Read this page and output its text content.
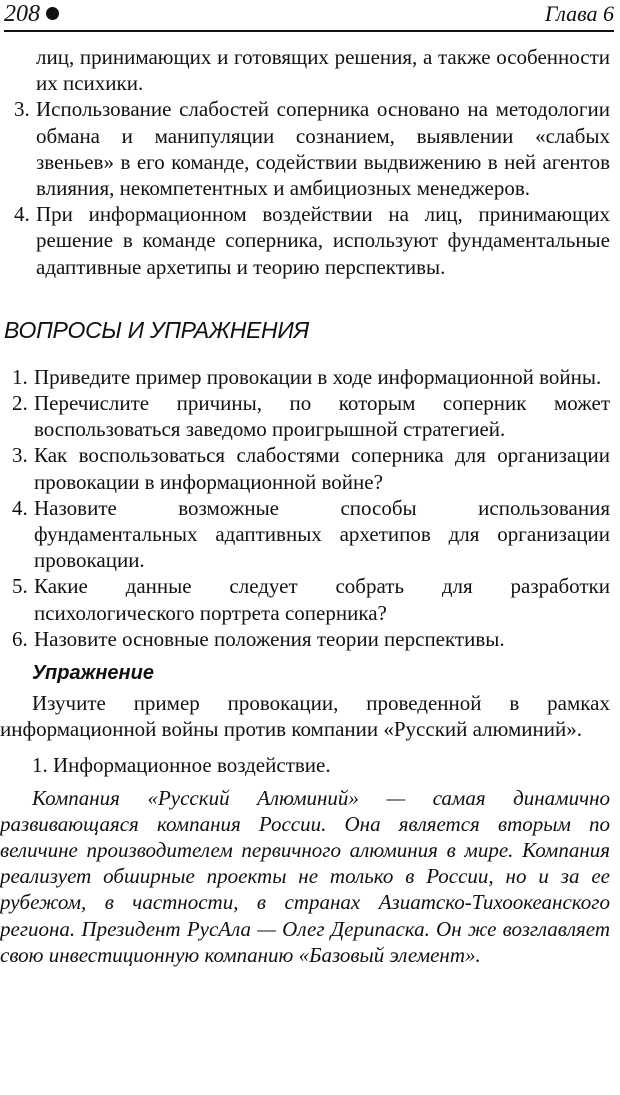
208	Глава 6

лиц, принимающих и готовящих решения, а также особенности их психики.

3. Использование слабостей соперника основано на методологии обмана и манипуляции сознанием, выявлении «слабых звеньев» в его команде, содействии выдвижению в ней агентов влияния, некомпетентных и амбициозных менеджеров.
4. При информационном воздействии на лиц, принимающих решение в команде соперника, используют фундаментальные адаптивные архетипы и теорию перспективы.
ВОПРОСЫ И УПРАЖНЕНИЯ
1. Приведите пример провокации в ходе информационной войны.
2. Перечислите причины, по которым соперник может воспользоваться заведомо проигрышной стратегией.
3. Как воспользоваться слабостями соперника для организации провокации в информационной войне?
4. Назовите возможные способы использования фундаментальных адаптивных архетипов для организации провокации.
5. Какие данные следует собрать для разработки психологического портрета соперника?
6. Назовите основные положения теории перспективы.
Упражнение

Изучите пример провокации, проведенной в рамках информационной войны против компании «Русский алюминий».

1. Информационное воздействие.

Компания «Русский Алюминий» — самая динамично развивающаяся компания России. Она является вторым по величине производителем первичного алюминия в мире. Компания реализует обширные проекты не только в России, но и за ее рубежом, в частности, в странах Азиатско-Тихоокеанского региона. Президент РусАла — Олег Дерипаска. Он же возглавляет свою инвестиционную компанию «Базовый элемент».
